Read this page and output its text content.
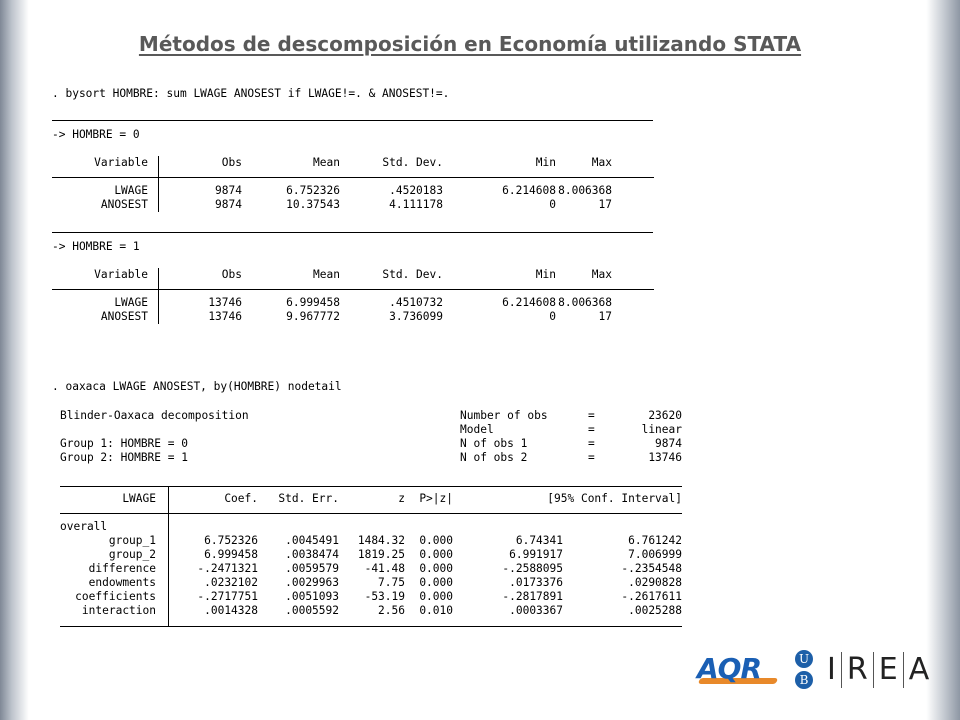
Métodos de descomposición en Economía utilizando STATA
. bysort HOMBRE: sum LWAGE ANOSEST if LWAGE!=. & ANOSEST!=.
-> HOMBRE = 0
Variable	Obs	Mean	Std. Dev.	Min	Max
LWAGE	9874	6.752326	.4520183	6.214608 8.006368
ANOSEST	9874	10.37543	4.111178	0	17
-> HOMBRE = 1
Variable	Obs	Mean	Std. Dev.	Min	Max
LWAGE	13746	6.999458	.4510732	6.214608 8.006368
ANOSEST	13746	9.967772	3.736099	0	17
. oaxaca LWAGE ANOSEST, by(HOMBRE) nodetail
Blinder-Oaxaca decomposition
Group 1: HOMBRE = 0
Group 2: HOMBRE = 1
Number of obs	=	23620
Model	=	linear
N of obs 1	=	9874
N of obs 2	=	13746
LWAGE	Coef.	Std. Err.	z	P>|z|	[95% Conf. Interval]
overall
group_1	6.752326	.0045491	1484.32	0.000	6.74341	6.761242
group_2	6.999458	.0038474	1819.25	0.000	6.991917	7.006999
difference	-.2471321	.0059579	-41.48	0.000	-.2588095	-.2354548
endowments	.0232102	.0029963	7.75	0.000	.0173376	.0290828
coefficients	-.2717751	.0051093	-53.19	0.000	-.2817891	-.2617611
interaction	.0014328	.0005592	2.56	0.010	.0003367	.0025288
AQR	U
B I R E A
